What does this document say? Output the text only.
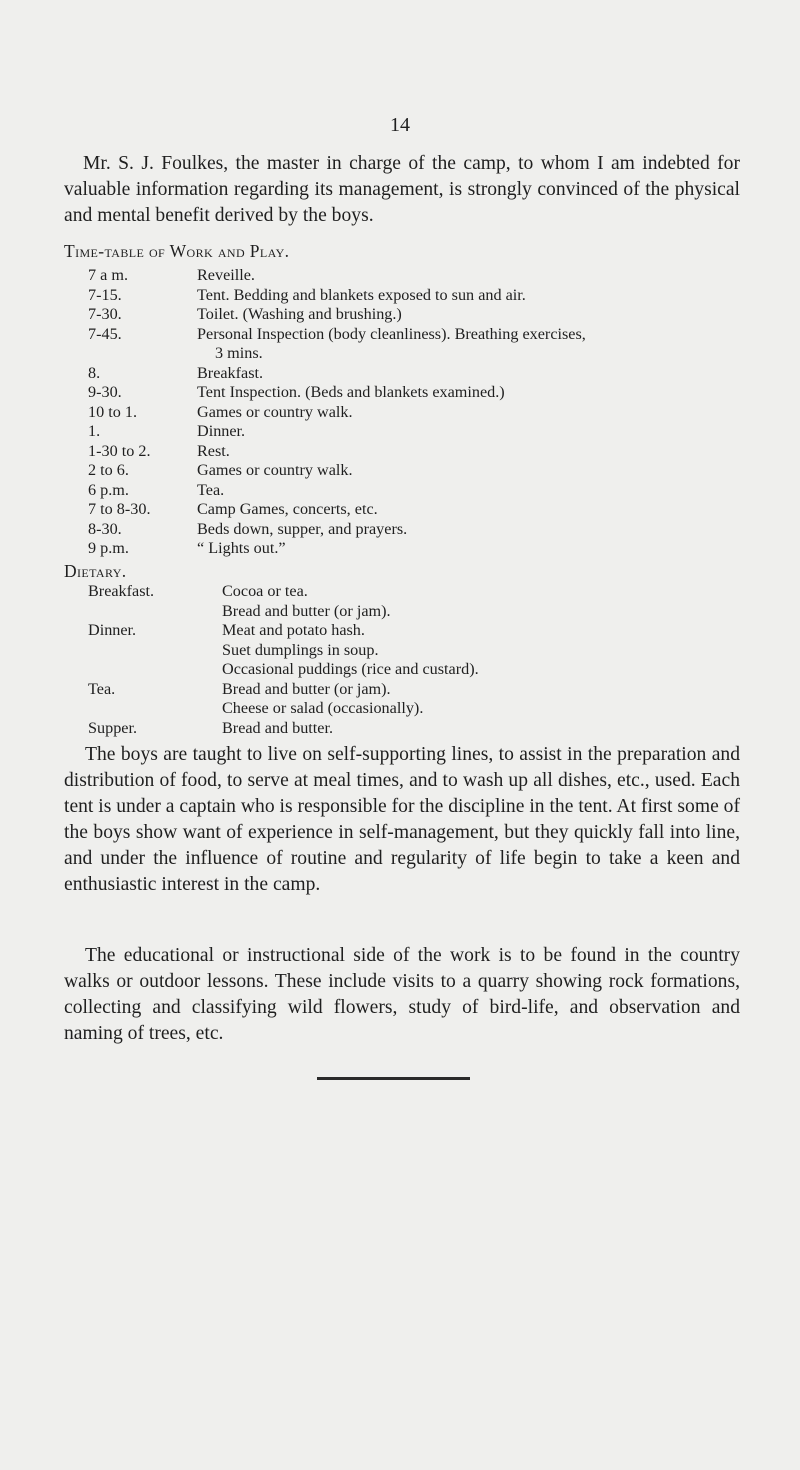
14
Mr. S. J. Foulkes, the master in charge of the camp, to whom I am indebted for valuable information regarding its management, is strongly convinced of the physical and mental benefit derived by the boys.
Time-table of Work and Play.
7 a m.	Reveille.
7-15.	Tent. Bedding and blankets exposed to sun and air.
7-30.	Toilet. (Washing and brushing.)
7-45.	Personal Inspection (body cleanliness). Breathing exercises,
3 mins.
8.	Breakfast.
9-30.	Tent Inspection. (Beds and blankets examined.)
10 to 1.	Games or country walk.
1.	Dinner.
1-30 to 2.	Rest.
2 to 6.	Games or country walk.
6 p.m.	Tea.
7 to 8-30.	Camp Games, concerts, etc.
8-30.	Beds down, supper, and prayers.
9 p.m.	“ Lights out.”
Dietary.
Breakfast.	Cocoa or tea.
Bread and butter (or jam).
Dinner.	Meat and potato hash.
Suet dumplings in soup.
Occasional puddings (rice and custard).
Tea.	Bread and butter (or jam).
Cheese or salad (occasionally).
Supper.	Bread and butter.
The boys are taught to live on self-supporting lines, to assist in the preparation and distribution of food, to serve at meal times, and to wash up all dishes, etc., used. Each tent is under a captain who is responsible for the discipline in the tent. At first some of the boys show want of experience in self-management, but they quickly fall into line, and under the influence of routine and regularity of life begin to take a keen and enthusiastic interest in the camp.
The educational or instructional side of the work is to be found in the country walks or outdoor lessons. These include visits to a quarry showing rock formations, collecting and classifying wild flowers, study of bird-life, and observation and naming of trees, etc.
